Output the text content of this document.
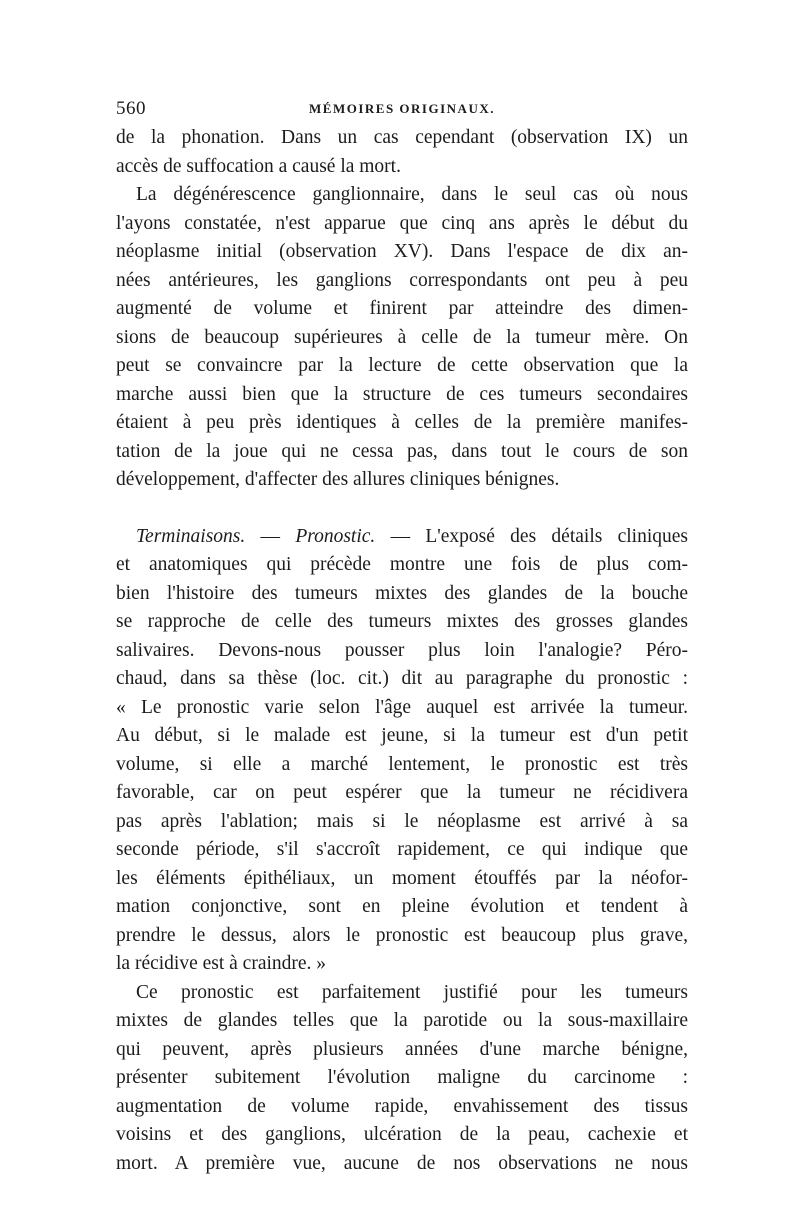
560	MÉMOIRES ORIGINAUX.
de la phonation. Dans un cas cependant (observation IX) un
accès de suffocation a causé la mort.
La dégénérescence ganglionnaire, dans le seul cas où nous
l'ayons constatée, n'est apparue que cinq ans après le début du
néoplasme initial (observation XV). Dans l'espace de dix an-
nées antérieures, les ganglions correspondants ont peu à peu
augmenté de volume et finirent par atteindre des dimen-
sions de beaucoup supérieures à celle de la tumeur mère. On
peut se convaincre par la lecture de cette observation que la
marche aussi bien que la structure de ces tumeurs secondaires
étaient à peu près identiques à celles de la première manifes-
tation de la joue qui ne cessa pas, dans tout le cours de son
développement, d'affecter des allures cliniques bénignes.
Terminaisons. — Pronostic. — L'exposé des détails cliniques
et anatomiques qui précède montre une fois de plus com-
bien l'histoire des tumeurs mixtes des glandes de la bouche
se rapproche de celle des tumeurs mixtes des grosses glandes
salivaires. Devons-nous pousser plus loin l'analogie? Péro-
chaud, dans sa thèse (loc. cit.) dit au paragraphe du pronostic :
« Le pronostic varie selon l'âge auquel est arrivée la tumeur.
Au début, si le malade est jeune, si la tumeur est d'un petit
volume, si elle a marché lentement, le pronostic est très
favorable, car on peut espérer que la tumeur ne récidivera
pas après l'ablation; mais si le néoplasme est arrivé à sa
seconde période, s'il s'accroît rapidement, ce qui indique que
les éléments épithéliaux, un moment étouffés par la néofor-
mation conjonctive, sont en pleine évolution et tendent à
prendre le dessus, alors le pronostic est beaucoup plus grave,
la récidive est à craindre. »
Ce pronostic est parfaitement justifié pour les tumeurs
mixtes de glandes telles que la parotide ou la sous-maxillaire
qui peuvent, après plusieurs années d'une marche bénigne,
présenter subitement l'évolution maligne du carcinome :
augmentation de volume rapide, envahissement des tissus
voisins et des ganglions, ulcération de la peau, cachexie et
mort. A première vue, aucune de nos observations ne nous
